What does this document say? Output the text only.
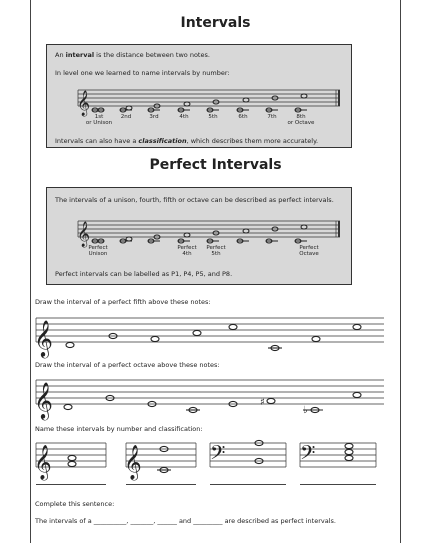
Intervals
An interval is the distance between two notes.
In level one we learned to name intervals by number:
𝄞
1st
or Unison
2nd	3rd	4th	5th	6th	7th	8th
or Octave
Intervals can also have a classification, which describes them more accurately.
Perfect Intervals
The intervals of a unison, fourth, fifth or octave can be described as perfect intervals.
𝄞
Perfect
Unison
Perfect
4th
Perfect
5th
Perfect
Octave
Perfect intervals can be labelled as P1, P4, P5, and P8.
Draw the interval of a perfect fifth above these notes:
𝄞
Draw the interval of a perfect octave above these notes:
𝄞	♯
♭
Name these intervals by number and classification:
𝄞 𝄞	𝄢	𝄢
Complete this sentence:
The intervals of a __________, _______, ______ and _________ are described as perfect intervals.
